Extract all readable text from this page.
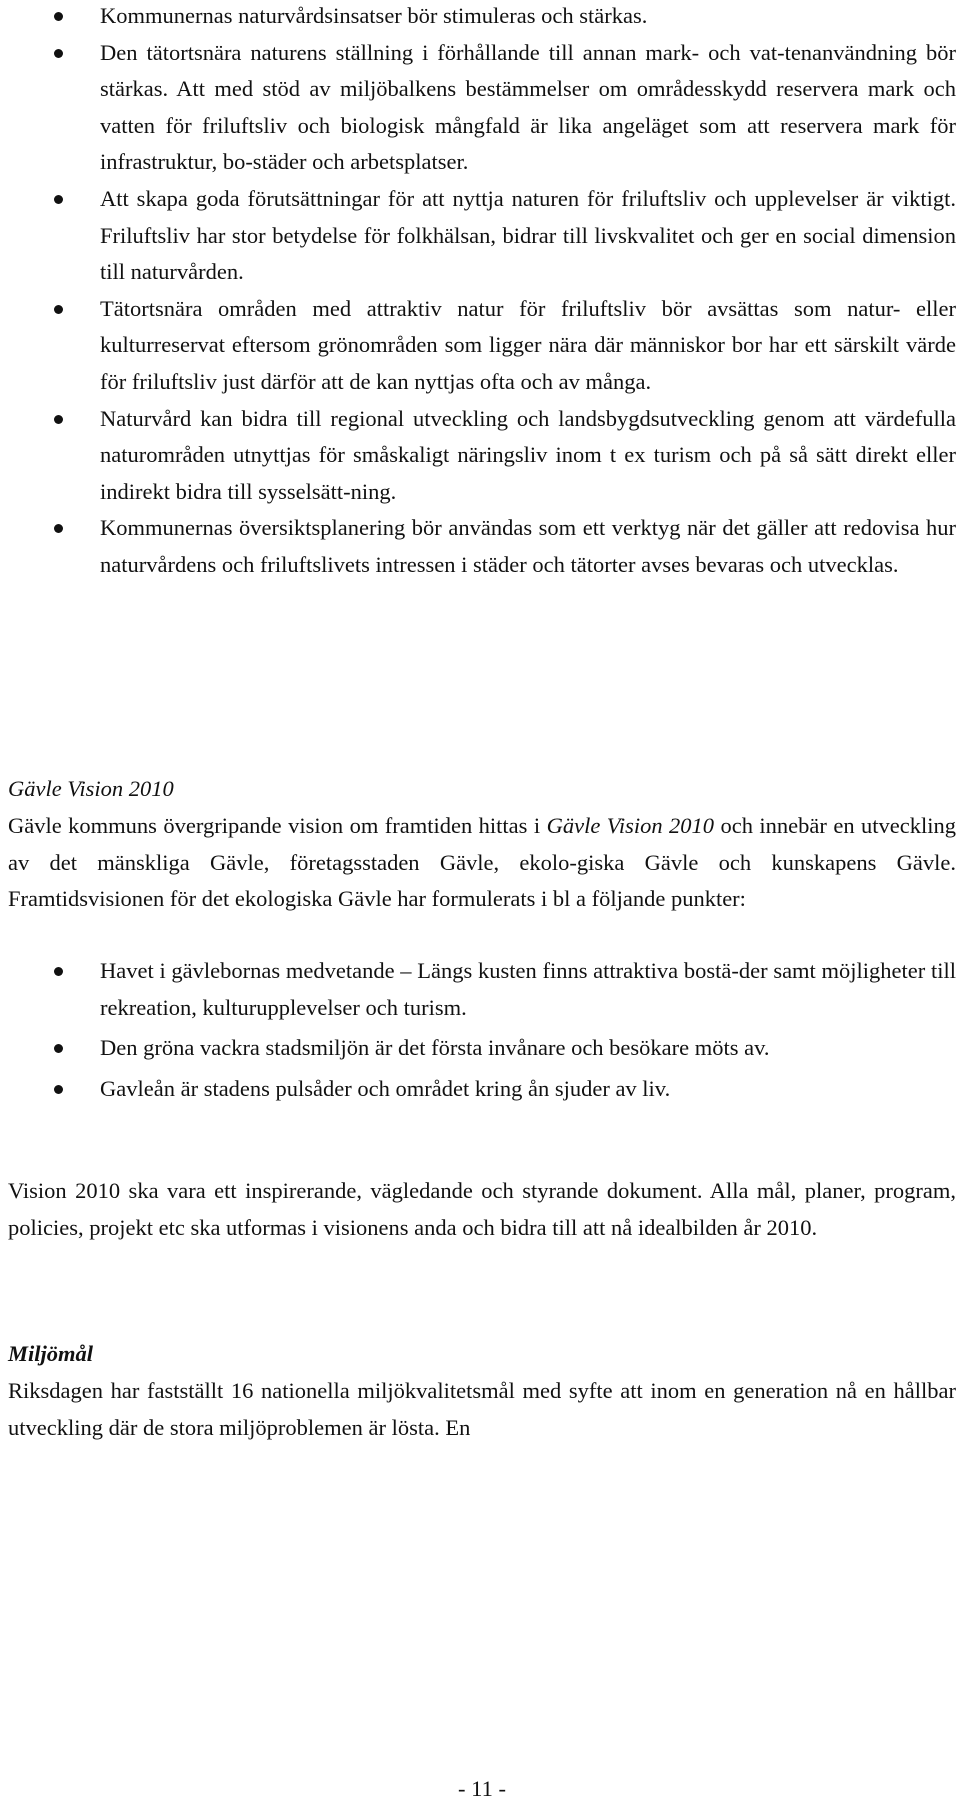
Kommunernas naturvårdsinsatser bör stimuleras och stärkas.
Den tätortsnära naturens ställning i förhållande till annan mark- och vat-tenanvändning bör stärkas. Att med stöd av miljöbalkens bestämmelser om områdesskydd reservera mark och vatten för friluftsliv och biologisk mångfald är lika angeläget som att reservera mark för infrastruktur, bo-städer och arbetsplatser.
Att skapa goda förutsättningar för att nyttja naturen för friluftsliv och upplevelser är viktigt. Friluftsliv har stor betydelse för folkhälsan, bidrar till livskvalitet och ger en social dimension till naturvården.
Tätortsnära områden med attraktiv natur för friluftsliv bör avsättas som natur- eller kulturreservat eftersom grönområden som ligger nära där människor bor har ett särskilt värde för friluftsliv just därför att de kan nyttjas ofta och av många.
Naturvård kan bidra till regional utveckling och landsbygdsutveckling genom att värdefulla naturområden utnyttjas för småskaligt näringsliv inom t ex turism och på så sätt direkt eller indirekt bidra till sysselsätt-ning.
Kommunernas översiktsplanering bör användas som ett verktyg när det gäller att redovisa hur naturvårdens och friluftslivets intressen i städer och tätorter avses bevaras och utvecklas.
Gävle Vision 2010

Gävle kommuns övergripande vision om framtiden hittas i Gävle Vision 2010 och innebär en utveckling av det mänskliga Gävle, företagsstaden Gävle, ekolo-giska Gävle och kunskapens Gävle. Framtidsvisionen för det ekologiska Gävle har formulerats i bl a följande punkter:

Havet i gävlebornas medvetande – Längs kusten finns attraktiva bostä-der samt möjligheter till rekreation, kulturupplevelser och turism.
Den gröna vackra stadsmiljön är det första invånare och besökare möts av.
Gavleån är stadens pulsåder och området kring ån sjuder av liv.

Vision 2010 ska vara ett inspirerande, vägledande och styrande dokument. Alla mål, planer, program, policies, projekt etc ska utformas i visionens anda och bidra till att nå idealbilden år 2010.

Miljömål

Riksdagen har fastställt 16 nationella miljökvalitetsmål med syfte att inom en generation nå en hållbar utveckling där de stora miljöproblemen är lösta. En

- 11 -
